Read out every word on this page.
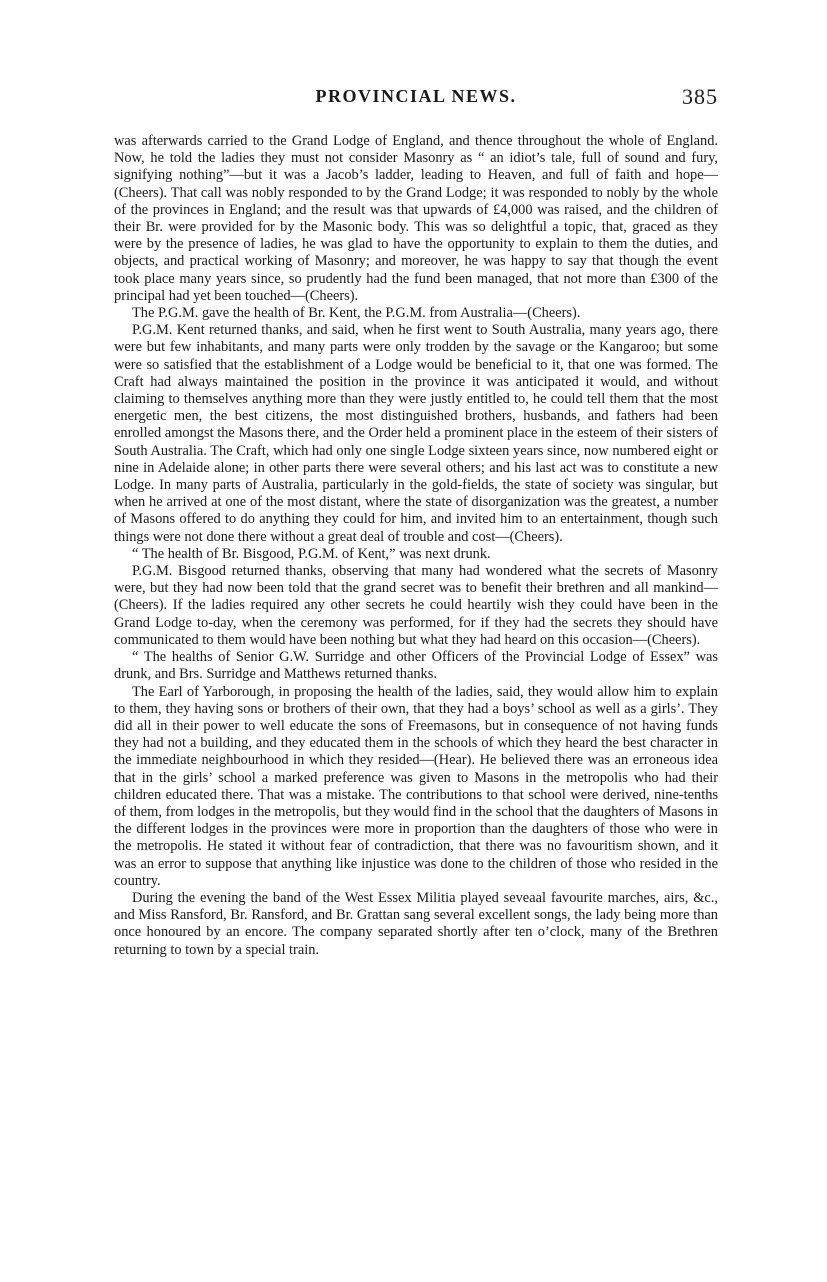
PROVINCIAL NEWS.	385

was afterwards carried to the Grand Lodge of England, and thence throughout the whole of England. Now, he told the ladies they must not consider Masonry as “ an idiot’s tale, full of sound and fury, signifying nothing”—but it was a Jacob’s ladder, leading to Heaven, and full of faith and hope—(Cheers). That call was nobly responded to by the Grand Lodge; it was responded to nobly by the whole of the provinces in England; and the result was that upwards of £4,000 was raised, and the children of their Br. were provided for by the Masonic body. This was so delightful a topic, that, graced as they were by the presence of ladies, he was glad to have the opportunity to explain to them the duties, and objects, and practical working of Masonry; and moreover, he was happy to say that though the event took place many years since, so prudently had the fund been managed, that not more than £300 of the principal had yet been touched—(Cheers).

The P.G.M. gave the health of Br. Kent, the P.G.M. from Australia—(Cheers).

P.G.M. Kent returned thanks, and said, when he first went to South Australia, many years ago, there were but few inhabitants, and many parts were only trodden by the savage or the Kangaroo; but some were so satisfied that the establishment of a Lodge would be beneficial to it, that one was formed. The Craft had always maintained the position in the province it was anticipated it would, and without claiming to themselves anything more than they were justly entitled to, he could tell them that the most energetic men, the best citizens, the most distinguished brothers, husbands, and fathers had been enrolled amongst the Masons there, and the Order held a prominent place in the esteem of their sisters of South Australia. The Craft, which had only one single Lodge sixteen years since, now numbered eight or nine in Adelaide alone; in other parts there were several others; and his last act was to constitute a new Lodge. In many parts of Australia, particularly in the gold-fields, the state of society was singular, but when he arrived at one of the most distant, where the state of disorganization was the greatest, a number of Masons offered to do anything they could for him, and invited him to an entertainment, though such things were not done there without a great deal of trouble and cost—(Cheers).

“ The health of Br. Bisgood, P.G.M. of Kent,” was next drunk.

P.G.M. Bisgood returned thanks, observing that many had wondered what the secrets of Masonry were, but they had now been told that the grand secret was to benefit their brethren and all mankind—(Cheers). If the ladies required any other secrets he could heartily wish they could have been in the Grand Lodge to-day, when the ceremony was performed, for if they had the secrets they should have communicated to them would have been nothing but what they had heard on this occasion—(Cheers).

“ The healths of Senior G.W. Surridge and other Officers of the Provincial Lodge of Essex” was drunk, and Brs. Surridge and Matthews returned thanks.

The Earl of Yarborough, in proposing the health of the ladies, said, they would allow him to explain to them, they having sons or brothers of their own, that they had a boys’ school as well as a girls’. They did all in their power to well educate the sons of Freemasons, but in consequence of not having funds they had not a building, and they educated them in the schools of which they heard the best character in the immediate neighbourhood in which they resided—(Hear). He believed there was an erroneous idea that in the girls’ school a marked preference was given to Masons in the metropolis who had their children educated there. That was a mistake. The contributions to that school were derived, nine-tenths of them, from lodges in the metropolis, but they would find in the school that the daughters of Masons in the different lodges in the provinces were more in proportion than the daughters of those who were in the metropolis. He stated it without fear of contradiction, that there was no favouritism shown, and it was an error to suppose that anything like injustice was done to the children of those who resided in the country.

During the evening the band of the West Essex Militia played seveaal favourite marches, airs, &c., and Miss Ransford, Br. Ransford, and Br. Grattan sang several excellent songs, the lady being more than once honoured by an encore. The company separated shortly after ten o’clock, many of the Brethren returning to town by a special train.
